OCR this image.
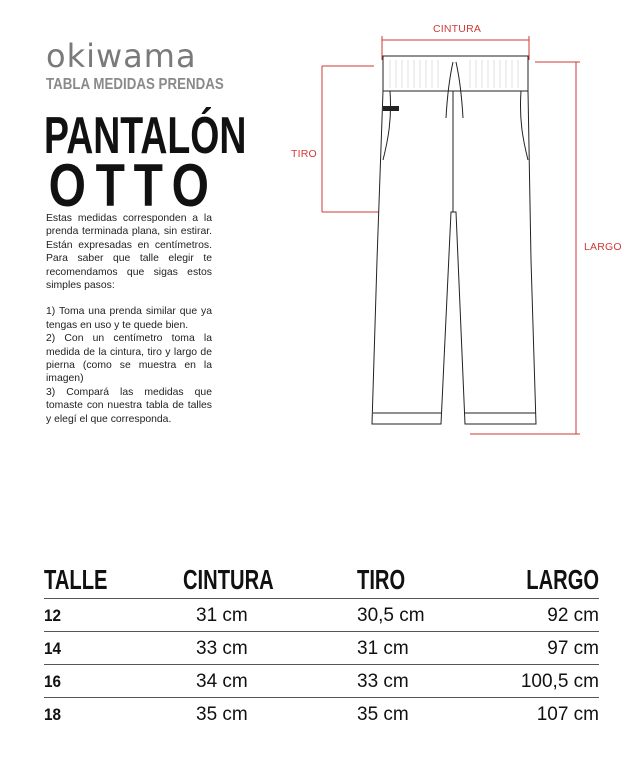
okiwama
TABLA MEDIDAS PRENDAS
PANTALÓN
O T T O

Estas medidas corresponden a la prenda terminada plana, sin estirar. Están expresadas en centímetros. Para saber que talle elegir te recomendamos que sigas estos simples pasos:

1) Toma una prenda similar que ya tengas en uso y te quede bien.

2) Con un centímetro toma la medida de la cintura, tiro y largo de pierna (como se muestra en la imagen)

3) Compará las medidas que tomaste con nuestra tabla de talles y elegí el que corresponda.

CINTURA
TIRO
LARGO
TALLE	CINTURA	TIRO	LARGO
12	31 cm	30,5 cm	92 cm
14	33 cm	31 cm	97 cm
16	34 cm	33 cm	100,5 cm
18	35 cm	35 cm	107 cm
